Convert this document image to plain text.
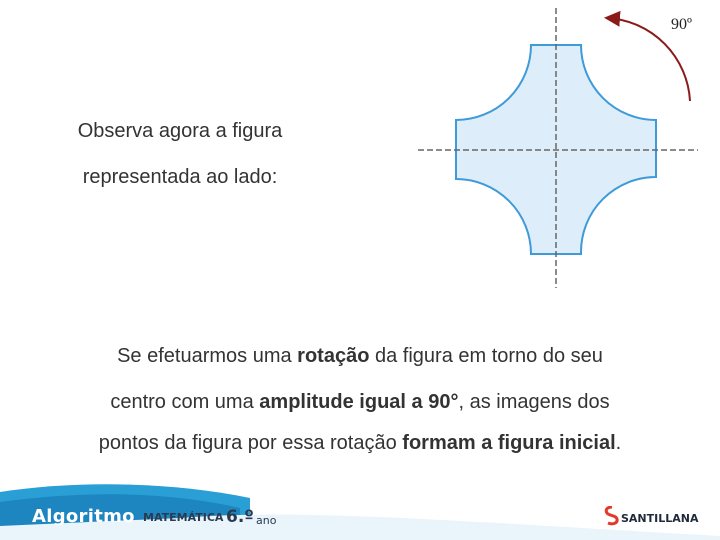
90º
Observa agora a figura
representada ao lado:
Se efetuarmos uma rotação da figura em torno do seu
centro com uma amplitude igual a 90°, as imagens dos
pontos da figura por essa rotação formam a figura inicial.
Algoritmo MATEMÁTICA 6.º ano	SANTILLANA
